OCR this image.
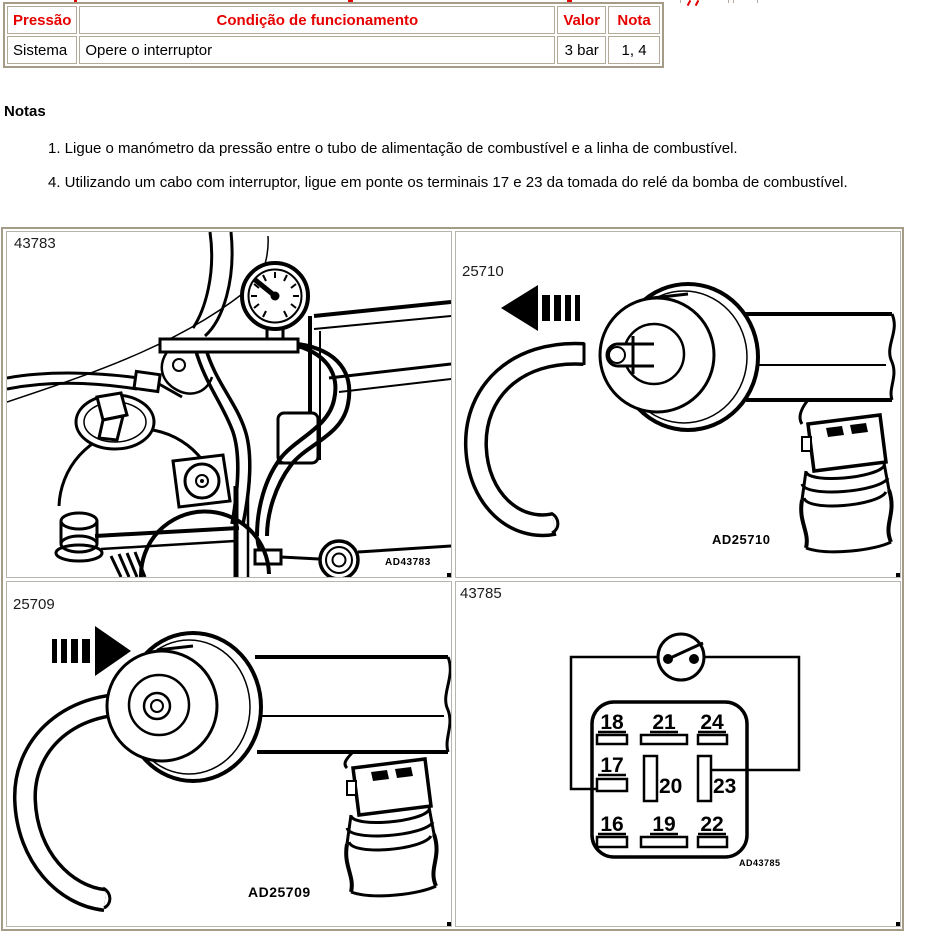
Pressão	Condição de funcionamento	Valor	Nota
Sistema	Opere o interruptor	3 bar	1, 4
Notas
1. Ligue o manómetro da pressão entre o tubo de alimentação de combustível e a linha de combustível.
4. Utilizando um cabo com interruptor, ligue em ponte os terminais 17 e 23 da tomada do relé da bomba de combustível.
43783
AD43783
25710
AD25710
25709
AD25709
43785
18 21 24
17
20 23
16 19 22
AD43785
